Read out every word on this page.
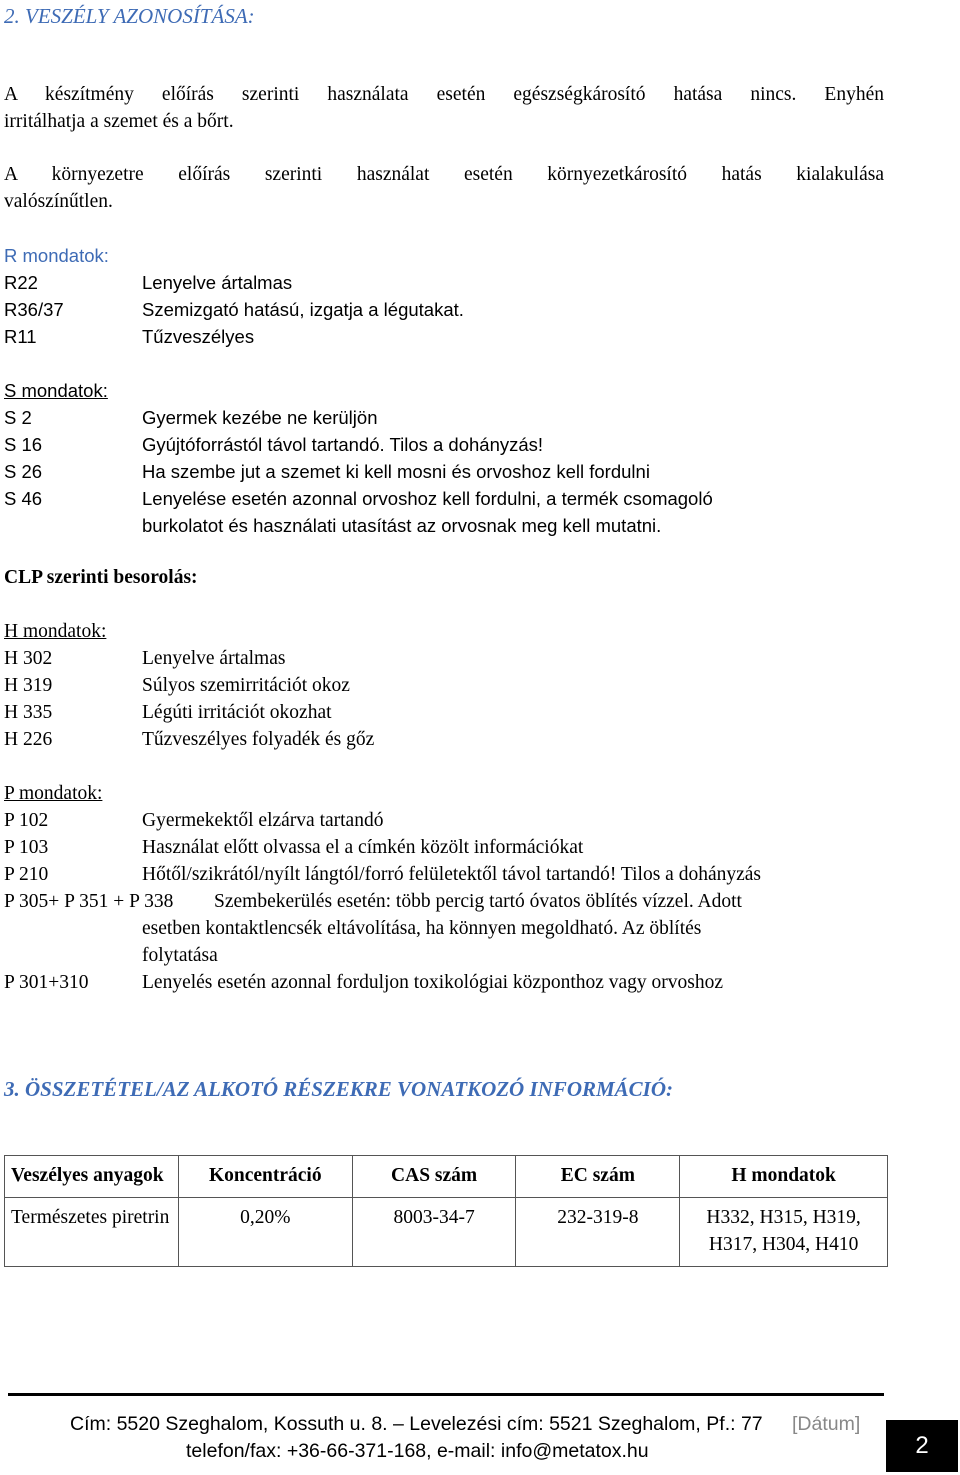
2. VESZÉLY AZONOSÍTÁSA:
A készítmény előírás szerinti használata esetén egészségkárosító hatása nincs. Enyhén
irritálhatja a szemet és a bőrt.
A környezetre előírás szerinti használat esetén környezetkárosító hatás kialakulása
valószínűtlen.
R mondatok:
R22	Lenyelve ártalmas
R36/37	Szemizgató hatású, izgatja a légutakat.
R11	Tűzveszélyes
S mondatok:
S 2	Gyermek kezébe ne kerüljön
S 16	Gyújtóforrástól távol tartandó. Tilos a dohányzás!
S 26	Ha szembe jut a szemet ki kell mosni és orvoshoz kell fordulni
S 46	Lenyelése esetén azonnal orvoshoz kell fordulni, a termék csomagoló
burkolatot és használati utasítást az orvosnak meg kell mutatni.
CLP szerinti besorolás:
H mondatok:
H 302	Lenyelve ártalmas
H 319	Súlyos szemirritációt okoz
H 335	Légúti irritációt okozhat
H 226	Tűzveszélyes folyadék és gőz
P mondatok:
P 102	Gyermekektől elzárva tartandó
P 103	Használat előtt olvassa el a címkén közölt információkat
P 210	Hőtől/szikrától/nyílt lángtól/forró felületektől távol tartandó! Tilos a dohányzás
P 305+ P 351 + P 338 Szembekerülés esetén: több percig tartó óvatos öblítés vízzel. Adott
esetben kontaktlencsék eltávolítása, ha könnyen megoldható. Az öblítés
folytatása
P 301+310	Lenyelés esetén azonnal forduljon toxikológiai központhoz vagy orvoshoz
3. ÖSSZETÉTEL/AZ ALKOTÓ RÉSZEKRE VONATKOZÓ INFORMÁCIÓ:
Veszélyes anyagok	Koncentráció	CAS szám	EC szám	H mondatok
Természetes piretrin	0,20%	8003-34-7	232-319-8	H332, H315, H319, H317, H304, H410
Cím: 5520 Szeghalom, Kossuth u. 8. – Levelezési cím: 5521 Szeghalom, Pf.: 77 [Dátum]
telefon/fax: +36-66-371-168, e-mail: info@metatox.hu	2
